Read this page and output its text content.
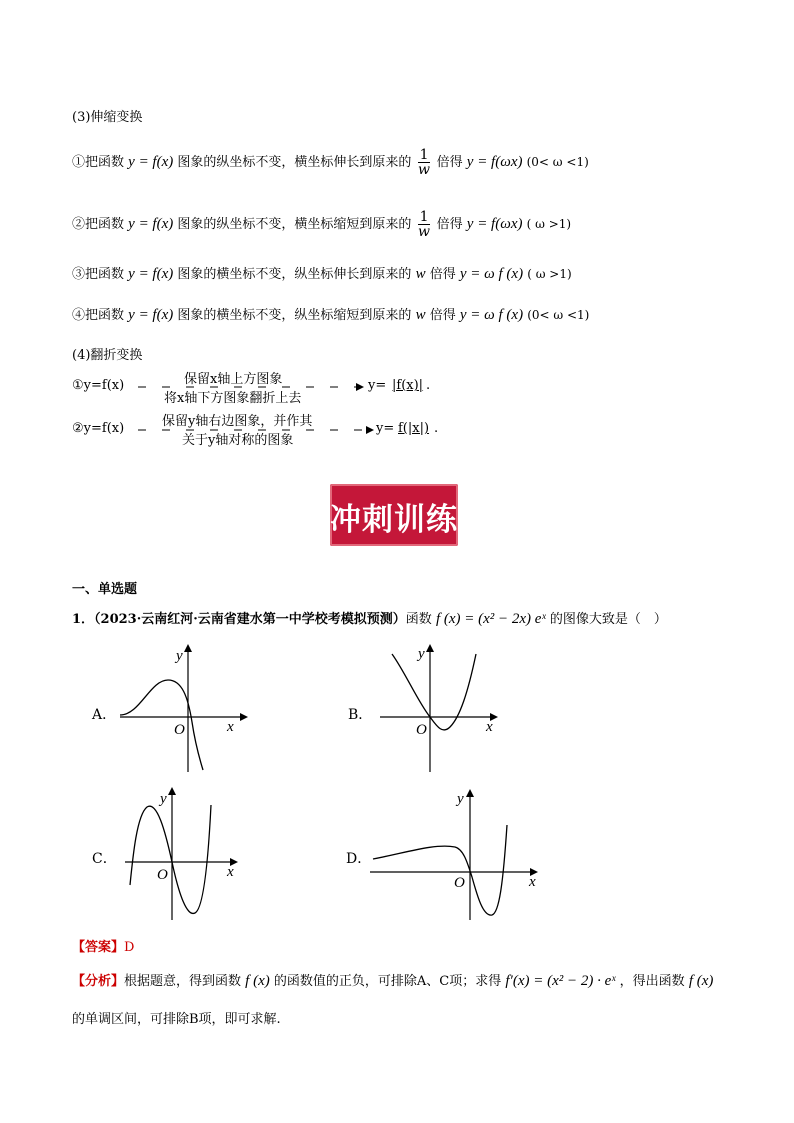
(3)伸缩变换
①把函数 y = f(x) 图象的纵坐标不变，横坐标伸长到原来的 $\frac{1}{w}$ 倍得 y = f(ωx) (0< ω <1)
②把函数 y = f(x) 图象的纵坐标不变，横坐标缩短到原来的 $\frac{1}{w}$ 倍得 y = f(ωx) ( ω >1)
③把函数 y = f(x) 图象的横坐标不变，纵坐标伸长到原来的 w 倍得 y = ω f (x) ( ω >1)
④把函数 y = f(x) 图象的横坐标不变，纵坐标缩短到原来的 w 倍得 y = ω f (x) (0< ω <1)
(4)翻折变换
①y=f(x)	保留x轴上方图象
将x轴下方图象翻折上去
y= |f(x)| .
②y=f(x)	保留y轴右边图象，并作其
关于y轴对称的图象
y= f(|x|) .
冲刺训练
一、单选题
1．（2023·云南红河·云南省建水第一中学校考模拟预测）函数 f (x) = (x² − 2x) eˣ 的图像大致是（　）
A．
x
y
O
B．
x
y
O
C．
x
y
O
D．
x
y
O
【答案】D
【分析】根据题意，得到函数 f (x) 的函数值的正负，可排除A、C项；求得 f′(x) = (x² − 2) · eˣ ，得出函数 f (x)
的单调区间，可排除B项，即可求解.
